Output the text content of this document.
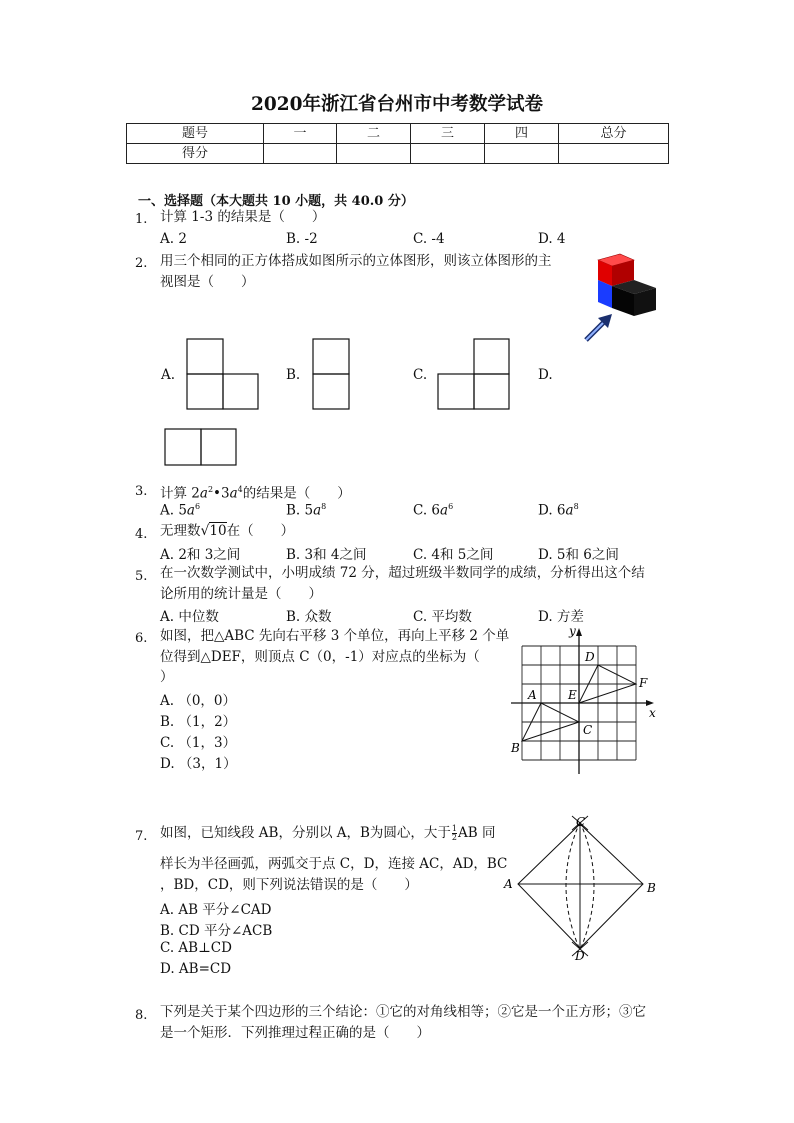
2020年浙江省台州市中考数学试卷
题号	一	二	三	四	总分
得分					
一、选择题（本大题共 10 小题，共 40.0 分）
1. 计算 1-3 的结果是（　　）
A. 2	B. -2	C. -4	D. 4
2. 用三个相同的正方体搭成如图所示的立体图形，则该立体图形的主
视图是（　　）
A.	B.	C.	D.
3. 计算 $2a^2•3a^4$的结果是（　　）
A. $5a^6$	B. $5a^8$	C. $6a^6$	D. $6a^8$
4. 无理数√10在（　　）
A. 2和 3之间	B. 3和 4之间	C. 4和 5之间	D. 5和 6之间
5. 在一次数学测试中，小明成绩 72 分，超过班级半数同学的成绩，分析得出这个结
论所用的统计量是（　　）
A. 中位数	B. 众数	C. 平均数	D. 方差
6. 如图，把△ABC 先向右平移 3 个单位，再向上平移 2 个单
位得到△DEF，则顶点 C（0，-1）对应点的坐标为（
）
A. （0，0）
B. （1，2）
C. （1，3）
D. （3，1）
y
x
A
B
C
D
E
F
7. 如图，已知线段 AB，分别以 A，B为圆心，大于 $\frac{1}{2}$ AB 同
样长为半径画弧，两弧交于点 C，D，连接 AC，AD，BC
，BD，CD，则下列说法错误的是（　　）
A. AB 平分∠CAD
B. CD 平分∠ACB
C. AB⊥CD
D. AB=CD
C
A	B
D
8. 下列是关于某个四边形的三个结论：①它的对角线相等；②它是一个正方形；③它
是一个矩形．下列推理过程正确的是（　　）
